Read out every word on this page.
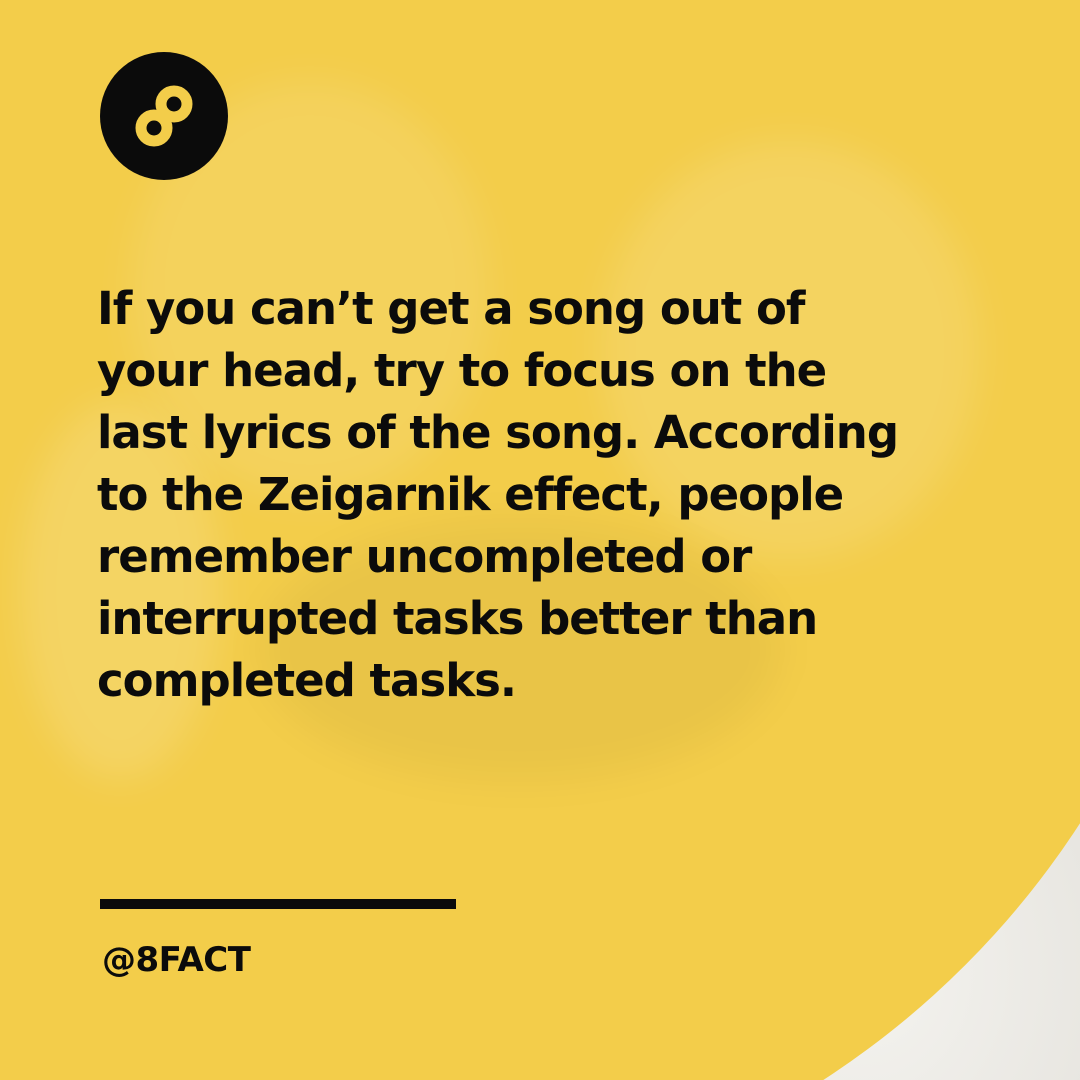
If you can’t get a song out of
your head, try to focus on the
last lyrics of the song. According
to the Zeigarnik effect, people
remember uncompleted or
interrupted tasks better than
completed tasks.

@8FACT
